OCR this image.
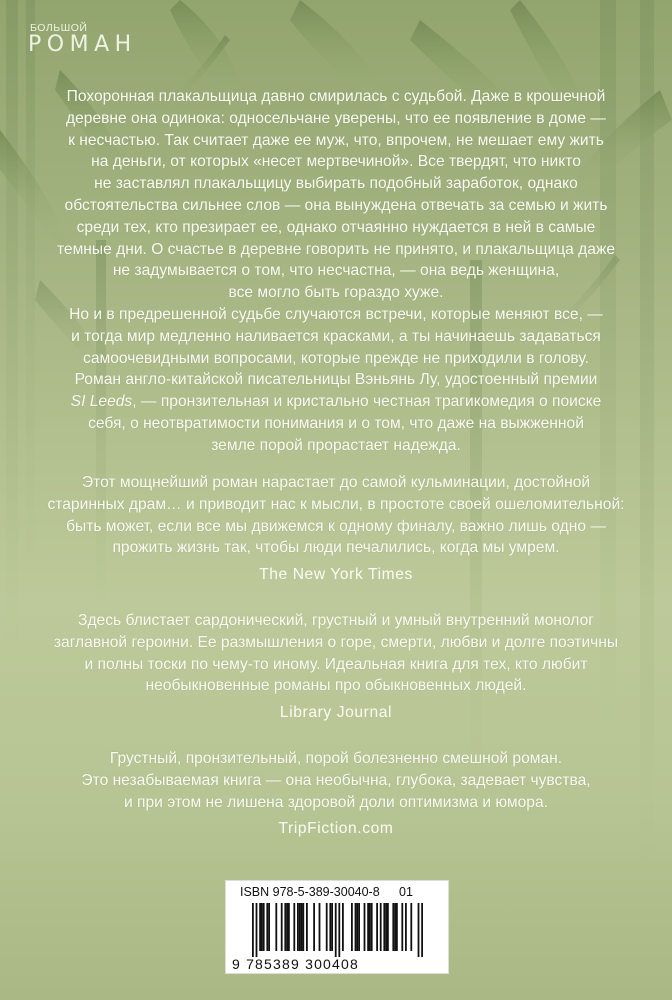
БОЛЬШОЙ
РОМАН
Похоронная плакальщица давно смирилась с судьбой. Даже в крошечной
деревне она одинока: односельчане уверены, что ее появление в доме —
к несчастью. Так считает даже ее муж, что, впрочем, не мешает ему жить
на деньги, от которых «несет мертвечиной». Все твердят, что никто
не заставлял плакальщицу выбирать подобный заработок, однако
обстоятельства сильнее слов — она вынуждена отвечать за семью и жить
среди тех, кто презирает ее, однако отчаянно нуждается в ней в самые
темные дни. О счастье в деревне говорить не принято, и плакальщица даже
не задумывается о том, что несчастна, — она ведь женщина,
все могло быть гораздо хуже.
Но и в предрешенной судьбе случаются встречи, которые меняют все, —
и тогда мир медленно наливается красками, а ты начинаешь задаваться
самоочевидными вопросами, которые прежде не приходили в голову.
Роман англо-китайской писательницы Вэньянь Лу, удостоенный премии
SI Leeds, — пронзительная и кристально честная трагикомедия о поиске
себя, о неотвратимости понимания и о том, что даже на выжженной
земле порой прорастает надежда.
Этот мощнейший роман нарастает до самой кульминации, достойной
старинных драм… и приводит нас к мысли, в простоте своей ошеломительной:
быть может, если все мы движемся к одному финалу, важно лишь одно —
прожить жизнь так, чтобы люди печалились, когда мы умрем.
The New York Times
Здесь блистает сардонический, грустный и умный внутренний монолог
заглавной героини. Ее размышления о горе, смерти, любви и долге поэтичны
и полны тоски по чему-то иному. Идеальная книга для тех, кто любит
необыкновенные романы про обыкновенных людей.
Library Journal
Грустный, пронзительный, порой болезненно смешной роман.
Это незабываемая книга — она необычна, глубока, задевает чувства,
и при этом не лишена здоровой доли оптимизма и юмора.
TripFiction.com
ISBN 978-5-389-30040-8	01
9 785389 300408
